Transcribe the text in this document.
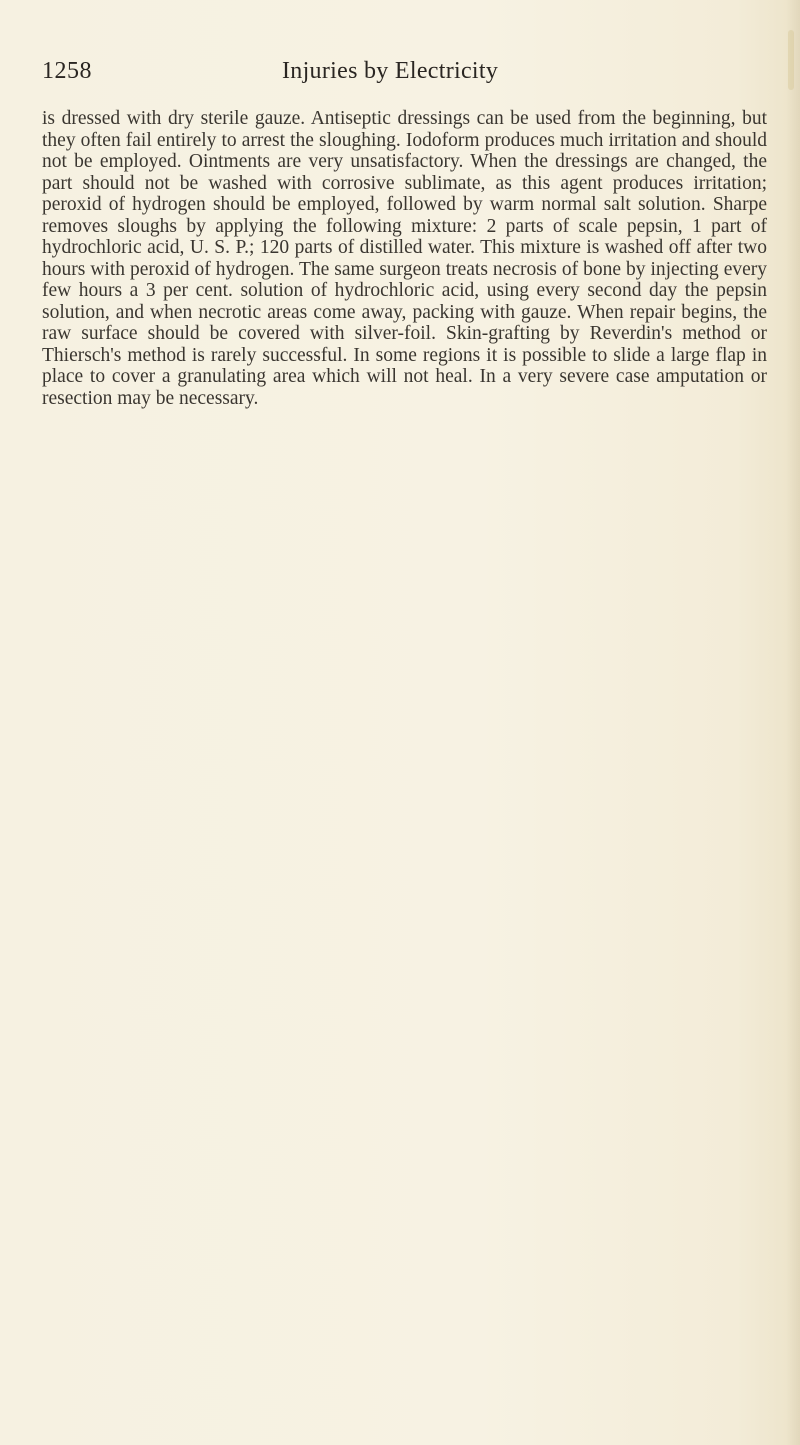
1258	Injuries by Electricity

is dressed with dry sterile gauze. Antiseptic dressings can be used from the beginning, but they often fail entirely to arrest the sloughing. Iodoform produces much irritation and should not be employed. Ointments are very unsatisfactory. When the dressings are changed, the part should not be washed with corrosive sublimate, as this agent produces irritation; peroxid of hydrogen should be employed, followed by warm normal salt solution. Sharpe removes sloughs by applying the following mixture: 2 parts of scale pepsin, 1 part of hydrochloric acid, U. S. P.; 120 parts of distilled water. This mixture is washed off after two hours with peroxid of hydrogen. The same surgeon treats necrosis of bone by injecting every few hours a 3 per cent. solution of hydrochloric acid, using every second day the pepsin solution, and when necrotic areas come away, packing with gauze. When repair begins, the raw surface should be covered with silver-foil. Skin-grafting by Reverdin's method or Thiersch's method is rarely successful. In some regions it is possible to slide a large flap in place to cover a granulating area which will not heal. In a very severe case amputation or resection may be necessary.
